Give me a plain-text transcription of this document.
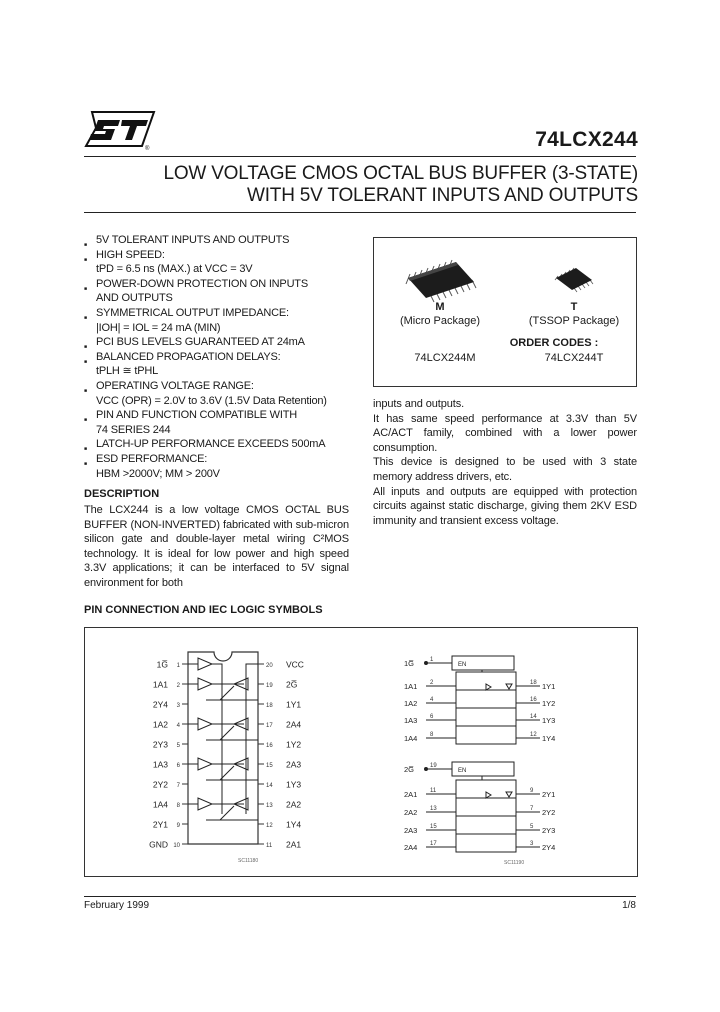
®	74LCX244
LOW VOLTAGE CMOS OCTAL BUS BUFFER (3-STATE)
WITH 5V TOLERANT INPUTS AND OUTPUTS
■ 5V TOLERANT INPUTS AND OUTPUTS
■ HIGH SPEED:
tPD = 6.5 ns (MAX.) at VCC = 3V
■ POWER-DOWN PROTECTION ON INPUTS
AND OUTPUTS
■ SYMMETRICAL OUTPUT IMPEDANCE:
|IOH| = IOL = 24 mA (MIN)
■ PCI BUS LEVELS GUARANTEED AT 24mA
■ BALANCED PROPAGATION DELAYS:
tPLH ≅ tPHL
■ OPERATING VOLTAGE RANGE:
VCC (OPR) = 2.0V to 3.6V (1.5V Data Retention)
■ PIN AND FUNCTION COMPATIBLE WITH
74 SERIES 244
■ LATCH-UP PERFORMANCE EXCEEDS 500mA
■ ESD PERFORMANCE:
HBM >2000V; MM > 200V
M
(Micro Package)
T
(TSSOP Package)
ORDER CODES :
74LCX244M	74LCX244T

inputs and outputs.

It has same speed performance at 3.3V than 5V AC/ACT family, combined with a lower power consumption.

This device is designed to be used with 3 state memory address drivers, etc.

All inputs and outputs are equipped with protection circuits against static discharge, giving them 2KV ESD immunity and transient excess voltage.

DESCRIPTION
The LCX244 is a low voltage CMOS OCTAL BUS BUFFER (NON-INVERTED) fabricated with sub-micron silicon gate and double-layer metal wiring C²MOS technology. It is ideal for low power and high speed 3.3V applications; it can be interfaced to 5V signal environment for both
PIN CONNECTION AND IEC LOGIC SYMBOLS
1
1G̅
2
1A1
3
2Y4
4
1A2
5
2Y3
6
1A3
7
2Y2
8
1A4
9
2Y1
10
GND
20 VCC
19 2G̅
18 1Y1
17 2A4
16 1Y2
15 2A3
14 1Y3
13 2A2
12 1Y4
11 2A1
SC11180
1G̅	1
EN
1A1 2
1A2 4
1A3 6
1A4 8
18 1Y1
16 1Y2
14 1Y3
12 1Y4
2G̅	19
EN
2A1 11
2A2 13
2A3 15
2A4 17
9 2Y1
7 2Y2
5 2Y3
3 2Y4
SC11190
February 1999	1/8
